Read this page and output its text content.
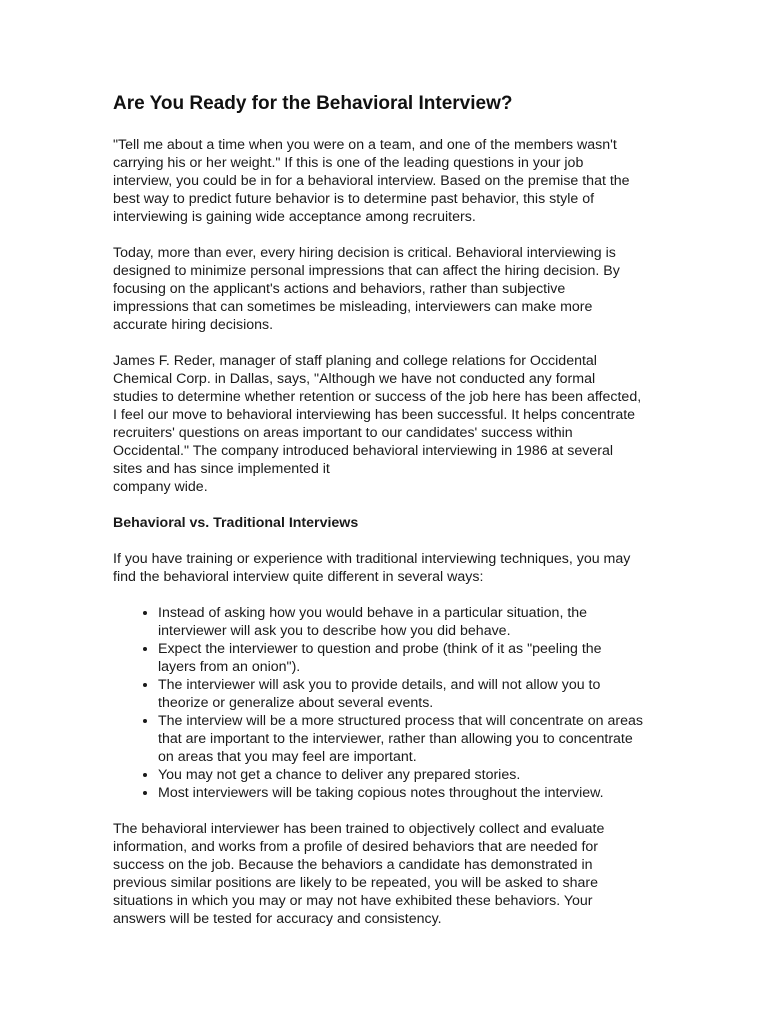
Are You Ready for the Behavioral Interview?

"Tell me about a time when you were on a team, and one of the members wasn't carrying his or her weight." If this is one of the leading questions in your job interview, you could be in for a behavioral interview. Based on the premise that the best way to predict future behavior is to determine past behavior, this style of interviewing is gaining wide acceptance among recruiters.

Today, more than ever, every hiring decision is critical. Behavioral interviewing is designed to minimize personal impressions that can affect the hiring decision. By focusing on the applicant's actions and behaviors, rather than subjective impressions that can sometimes be misleading, interviewers can make more accurate hiring decisions.

James F. Reder, manager of staff planing and college relations for Occidental Chemical Corp. in Dallas, says, "Although we have not conducted any formal studies to determine whether retention or success of the job here has been affected, I feel our move to behavioral interviewing has been successful. It helps concentrate recruiters' questions on areas important to our candidates' success within Occidental." The company introduced behavioral interviewing in 1986 at several sites and has since implemented it
company wide.

Behavioral vs. Traditional Interviews

If you have training or experience with traditional interviewing techniques, you may find the behavioral interview quite different in several ways:

• Instead of asking how you would behave in a particular situation, the interviewer will ask you to describe how you did behave.
• Expect the interviewer to question and probe (think of it as "peeling the layers from an onion").
• The interviewer will ask you to provide details, and will not allow you to theorize or generalize about several events.
• The interview will be a more structured process that will concentrate on areas that are important to the interviewer, rather than allowing you to concentrate on areas that you may feel are important.
• You may not get a chance to deliver any prepared stories.
• Most interviewers will be taking copious notes throughout the interview.

The behavioral interviewer has been trained to objectively collect and evaluate information, and works from a profile of desired behaviors that are needed for success on the job. Because the behaviors a candidate has demonstrated in previous similar positions are likely to be repeated, you will be asked to share situations in which you may or may not have exhibited these behaviors. Your answers will be tested for accuracy and consistency.
